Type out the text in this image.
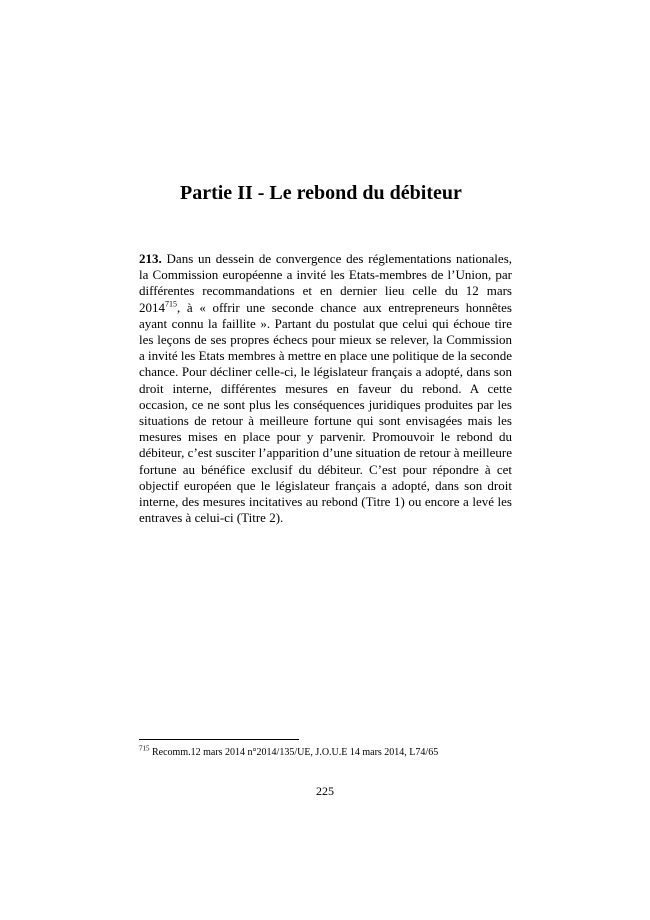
Partie II - Le rebond du débiteur

213. Dans un dessein de convergence des réglementations nationales, la Commission européenne a invité les Etats-membres de l’Union, par différentes recommandations et en dernier lieu celle du 12 mars 2014$^{715}$, à « offrir une seconde chance aux entrepreneurs honnêtes ayant connu la faillite ». Partant du postulat que celui qui échoue tire les leçons de ses propres échecs pour mieux se relever, la Commission a invité les Etats membres à mettre en place une politique de la seconde chance. Pour décliner celle-ci, le législateur français a adopté, dans son droit interne, différentes mesures en faveur du rebond. A cette occasion, ce ne sont plus les conséquences juridiques produites par les situations de retour à meilleure fortune qui sont envisagées mais les mesures mises en place pour y parvenir. Promouvoir le rebond du débiteur, c’est susciter l’apparition d’une situation de retour à meilleure fortune au bénéfice exclusif du débiteur. C’est pour répondre à cet objectif européen que le législateur français a adopté, dans son droit interne, des mesures incitatives au rebond (Titre 1) ou encore a levé les entraves à celui-ci (Titre 2).

$^{715}$ Recomm.12 mars 2014 n°2014/135/UE, J.O.U.E 14 mars 2014, L74/65
225
